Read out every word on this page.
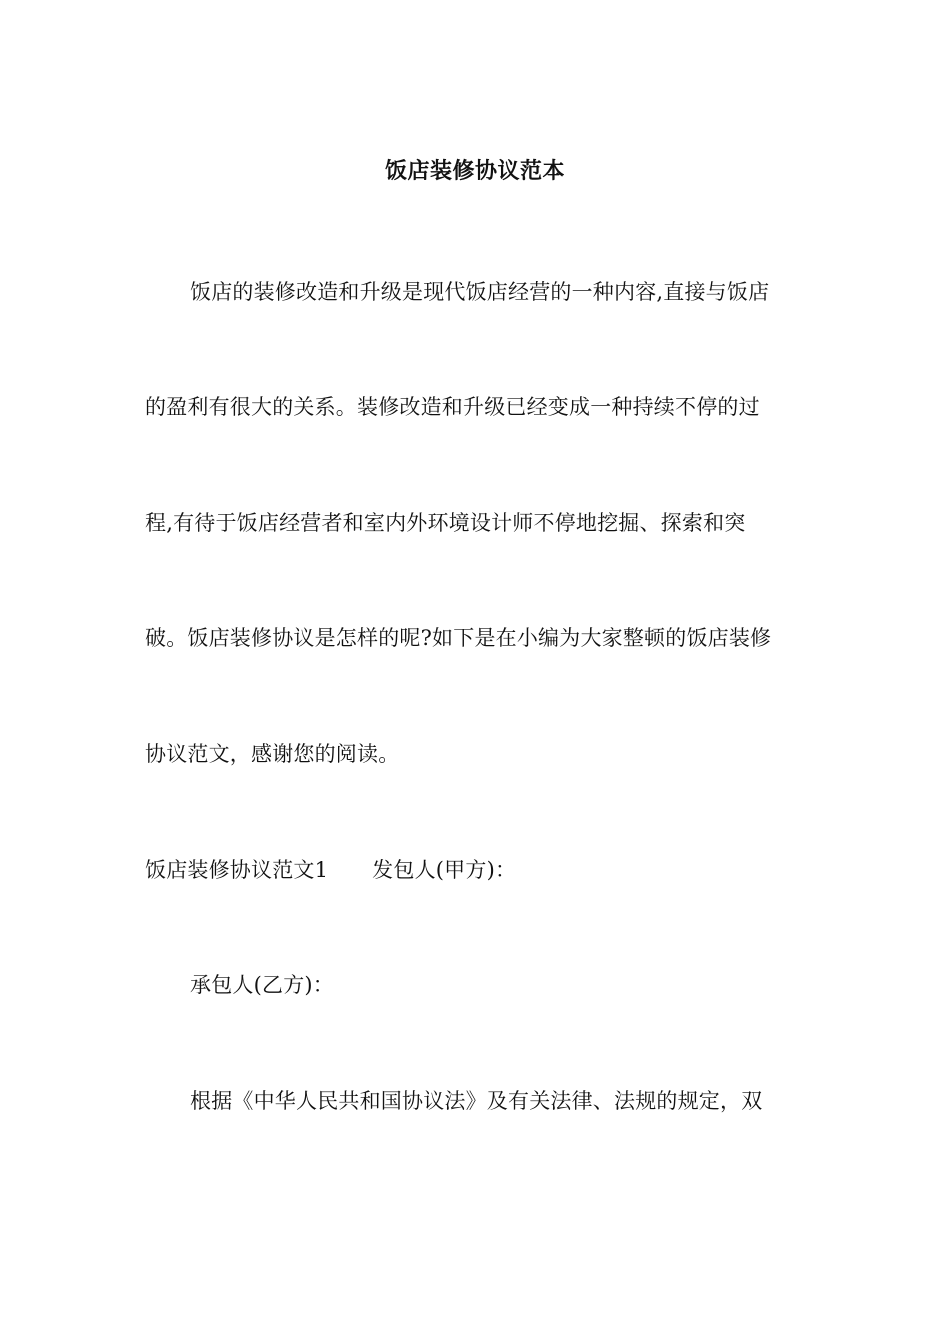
饭店装修协议范本
饭店的装修改造和升级是现代饭店经营的一种内容,直接与饭店
的盈利有很大的关系。装修改造和升级已经变成一种持续不停的过
程,有待于饭店经营者和室内外环境设计师不停地挖掘、探索和突
破。饭店装修协议是怎样的呢?如下是在小编为大家整顿的饭店装修
协议范文，感谢您的阅读。
饭店装修协议范文1 发包人(甲方)：
承包人(乙方)：
根据《中华人民共和国协议法》及有关法律、法规的规定，双
